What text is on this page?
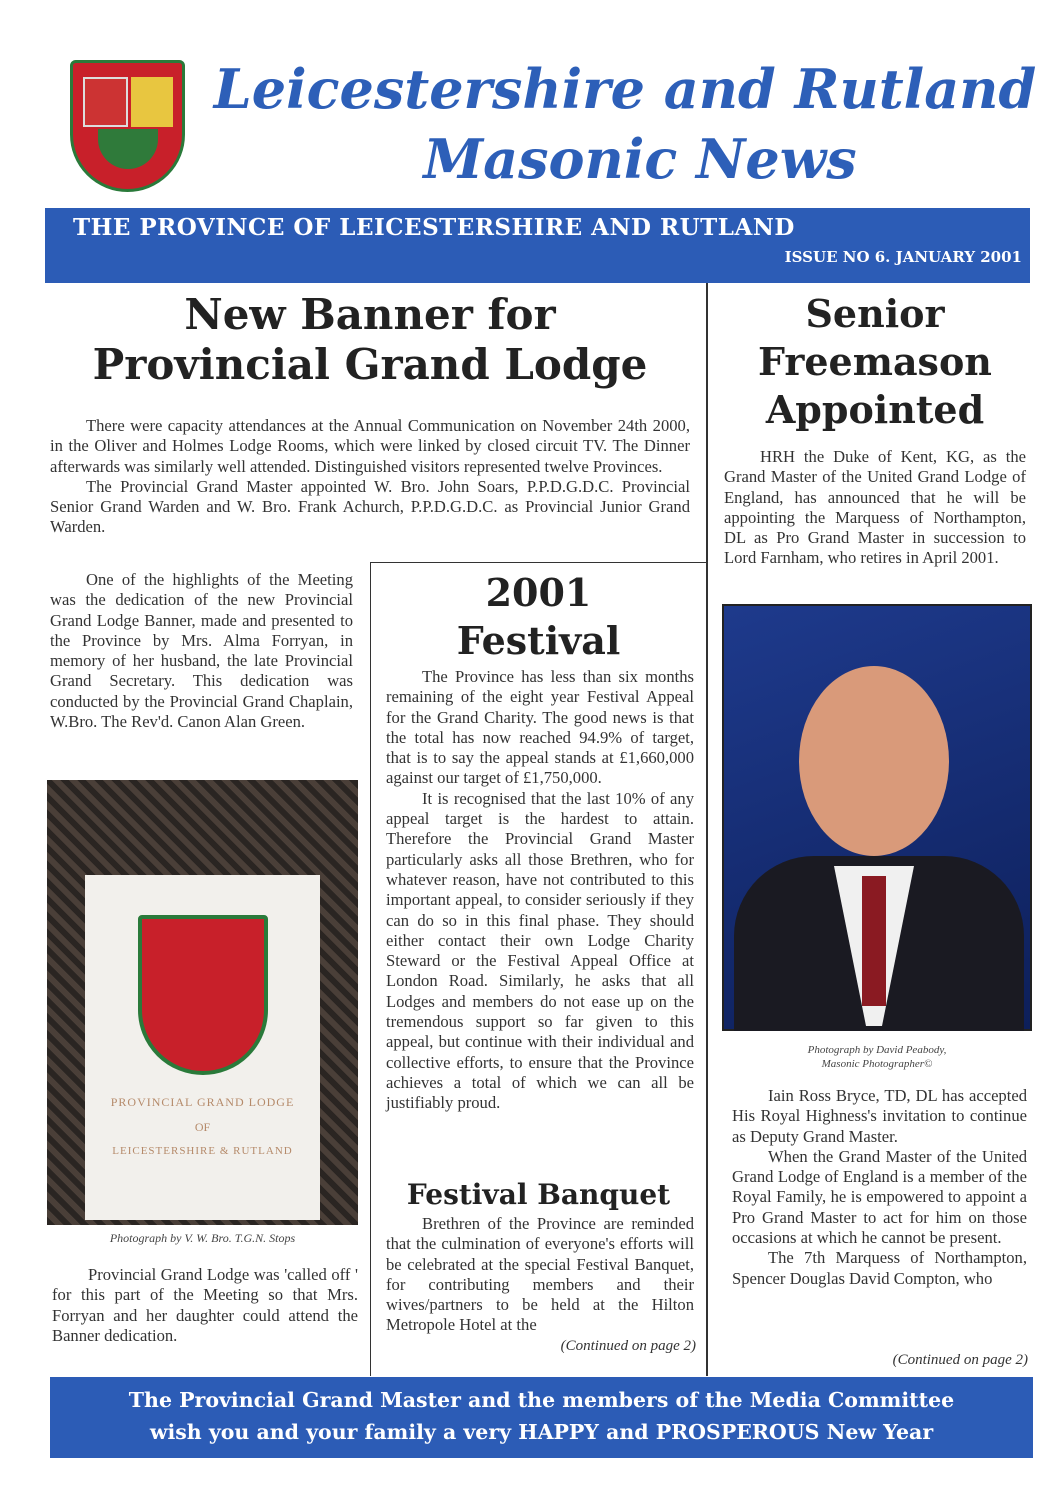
Leicestershire and Rutland
Masonic News
THE PROVINCE OF LEICESTERSHIRE AND RUTLAND
ISSUE NO 6. JANUARY 2001
New Banner for Provincial Grand Lodge

There were capacity attendances at the Annual Communication on November 24th 2000, in the Oliver and Holmes Lodge Rooms, which were linked by closed circuit TV. The Dinner afterwards was similarly well attended. Distinguished visitors represented twelve Provinces.

The Provincial Grand Master appointed W. Bro. John Soars, P.P.D.G.D.C. Provincial Senior Grand Warden and W. Bro. Frank Achurch, P.P.D.G.D.C. as Provincial Junior Grand Warden.

One of the highlights of the Meeting was the dedication of the new Provincial Grand Lodge Banner, made and presented to the Province by Mrs. Alma Forryan, in memory of her husband, the late Provincial Grand Secretary. This dedication was conducted by the Provincial Grand Chaplain, W.Bro. The Rev'd. Canon Alan Green.

PROVINCIAL GRAND LODGE
OF
LEICESTERSHIRE & RUTLAND
Photograph by V. W. Bro. T.G.N. Stops

Provincial Grand Lodge was 'called off ' for this part of the Meeting so that Mrs. Forryan and her daughter could attend the Banner dedication.

2001
Festival

The Province has less than six months remaining of the eight year Festival Appeal for the Grand Charity. The good news is that the total has now reached 94.9% of target, that is to say the appeal stands at £1,660,000 against our target of £1,750,000.

It is recognised that the last 10% of any appeal target is the hardest to attain. Therefore the Provincial Grand Master particularly asks all those Brethren, who for whatever reason, have not contributed to this important appeal, to consider seriously if they can do so in this final phase. They should either contact their own Lodge Charity Steward or the Festival Appeal Office at London Road. Similarly, he asks that all Lodges and members do not ease up on the tremendous support so far given to this appeal, but continue with their individual and collective efforts, to ensure that the Province achieves a total of which we can all be justifiably proud.

Festival Banquet

Brethren of the Province are reminded that the culmination of everyone's efforts will be celebrated at the special Festival Banquet, for contributing members and their wives/partners to be held at the Hilton Metropole Hotel at the

(Continued on page 2)
Senior Freemason Appointed

HRH the Duke of Kent, KG, as the Grand Master of the United Grand Lodge of England, has announced that he will be appointing the Marquess of Northampton, DL as Pro Grand Master in succession to Lord Farnham, who retires in April 2001.

Photograph by David Peabody,
Masonic Photographer©

Iain Ross Bryce, TD, DL has accepted His Royal Highness's invitation to continue as Deputy Grand Master.

When the Grand Master of the United Grand Lodge of England is a member of the Royal Family, he is empowered to appoint a Pro Grand Master to act for him on those occasions at which he cannot be present.

The 7th Marquess of Northampton, Spencer Douglas David Compton, who

(Continued on page 2)
The Provincial Grand Master and the members of the Media Committee
wish you and your family a very HAPPY and PROSPEROUS New Year
